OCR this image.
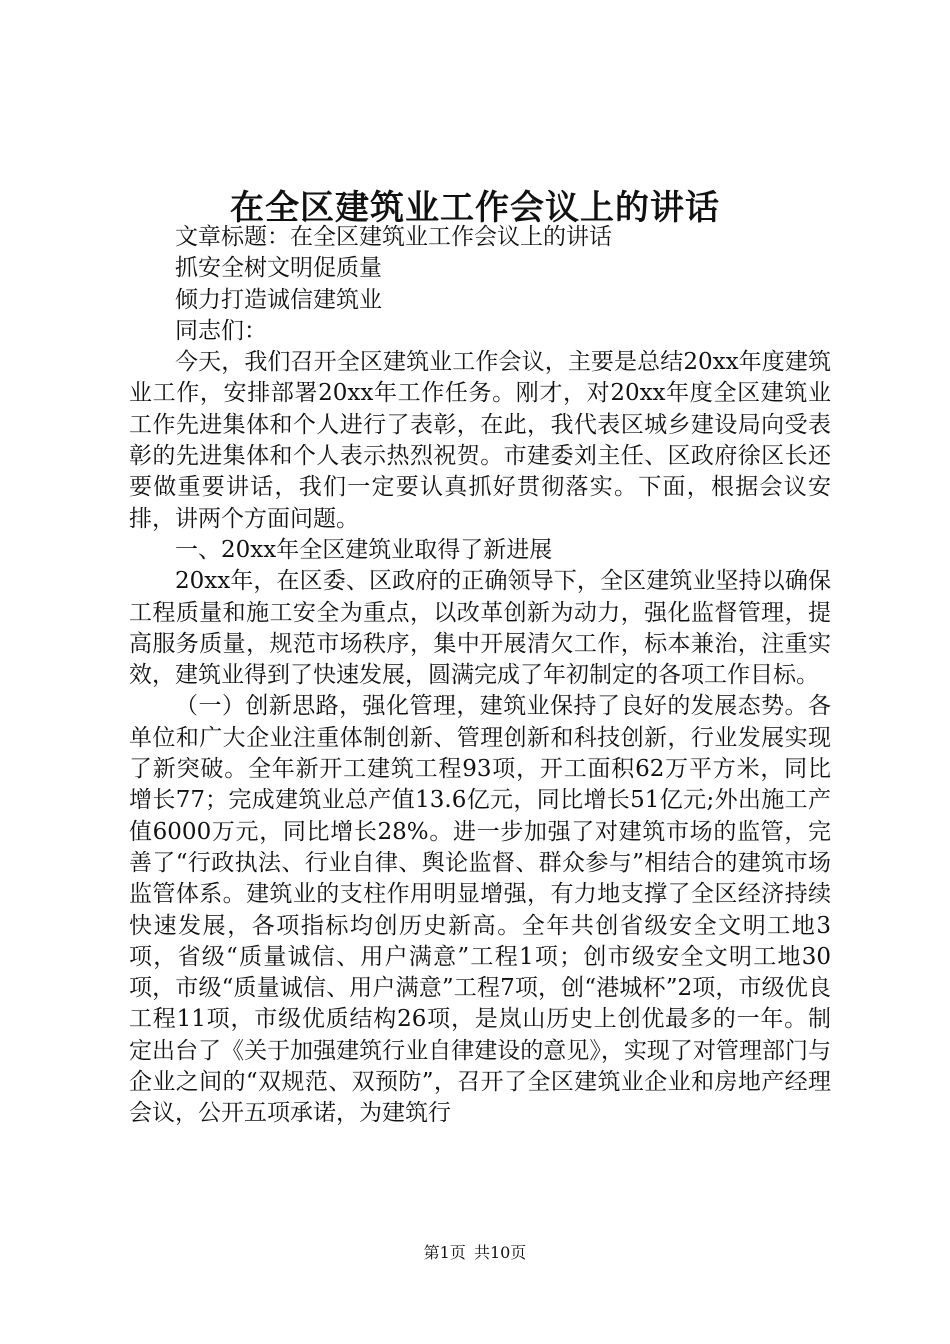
在全区建筑业工作会议上的讲话

文章标题：在全区建筑业工作会议上的讲话

抓安全树文明促质量

倾力打造诚信建筑业

同志们：

今天，我们召开全区建筑业工作会议，主要是总结20xx年度建筑业工作，安排部署20xx年工作任务。刚才，对20xx年度全区建筑业工作先进集体和个人进行了表彰，在此，我代表区城乡建设局向受表彰的先进集体和个人表示热烈祝贺。市建委刘主任、区政府徐区长还要做重要讲话，我们一定要认真抓好贯彻落实。下面，根据会议安排，讲两个方面问题。

一、20xx年全区建筑业取得了新进展

20xx年，在区委、区政府的正确领导下，全区建筑业坚持以确保工程质量和施工安全为重点，以改革创新为动力，强化监督管理，提高服务质量，规范市场秩序，集中开展清欠工作，标本兼治，注重实效，建筑业得到了快速发展，圆满完成了年初制定的各项工作目标。

（一）创新思路，强化管理，建筑业保持了良好的发展态势。各单位和广大企业注重体制创新、管理创新和科技创新，行业发展实现了新突破。全年新开工建筑工程93项，开工面积62万平方米，同比增长77；完成建筑业总产值13.6亿元，同比增长51亿元;外出施工产值6000万元，同比增长28%。进一步加强了对建筑市场的监管，完善了“行政执法、行业自律、舆论监督、群众参与”相结合的建筑市场监管体系。建筑业的支柱作用明显增强，有力地支撑了全区经济持续快速发展，各项指标均创历史新高。全年共创省级安全文明工地3项，省级“质量诚信、用户满意”工程1项；创市级安全文明工地30项，市级“质量诚信、用户满意”工程7项，创“港城杯”2项，市级优良工程11项，市级优质结构26项，是岚山历史上创优最多的一年。制定出台了《关于加强建筑行业自律建设的意见》，实现了对管理部门与企业之间的“双规范、双预防”，召开了全区建筑业企业和房地产经理会议，公开五项承诺，为建筑行

第1页 共10页
